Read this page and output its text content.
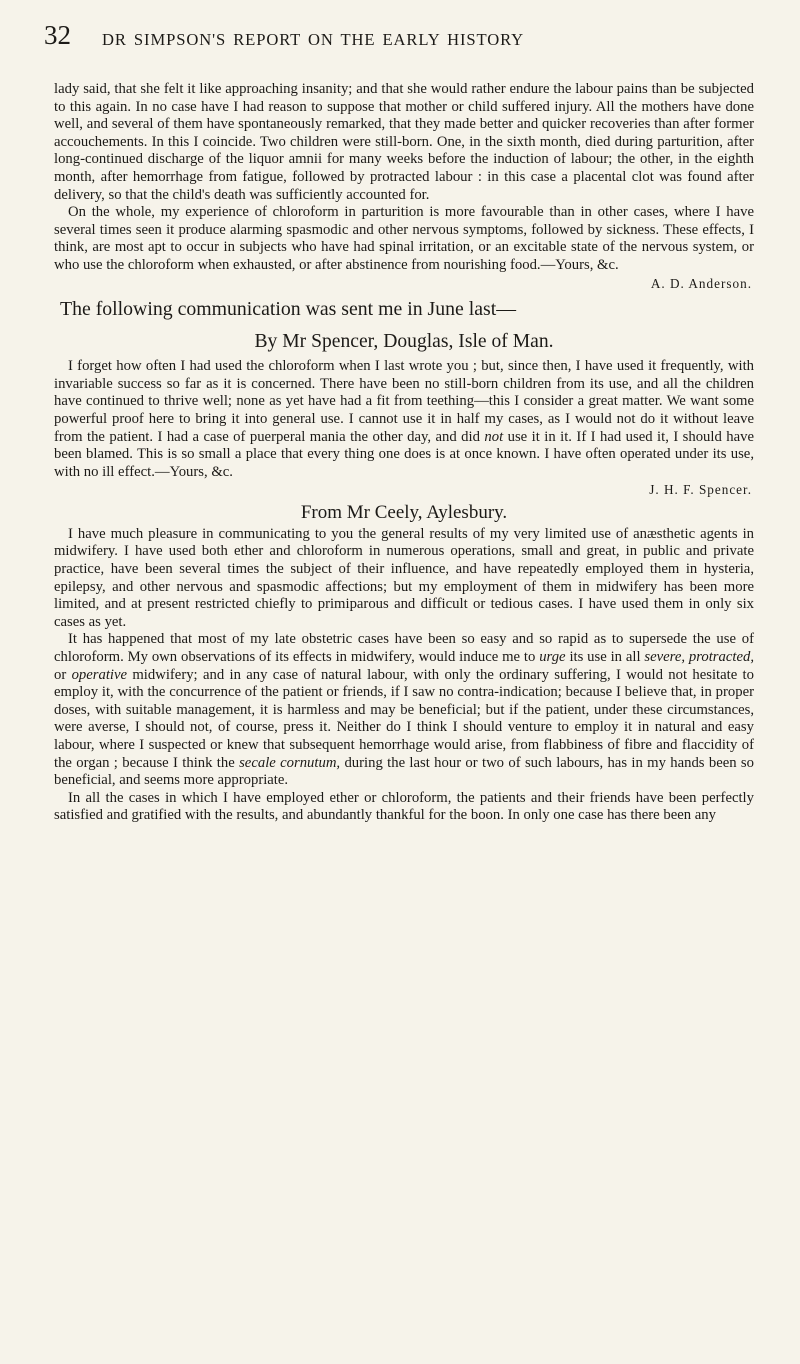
32 DR SIMPSON'S REPORT ON THE EARLY HISTORY

lady said, that she felt it like approaching insanity; and that she would rather endure the labour pains than be subjected to this again. In no case have I had reason to suppose that mother or child suffered injury. All the mothers have done well, and several of them have spontaneously remarked, that they made better and quicker recoveries than after former accouchements. In this I coincide. Two children were still-born. One, in the sixth month, died during parturition, after long-continued discharge of the liquor amnii for many weeks before the induction of labour; the other, in the eighth month, after hemorrhage from fatigue, followed by protracted labour : in this case a placental clot was found after delivery, so that the child's death was sufficiently accounted for.

On the whole, my experience of chloroform in parturition is more favourable than in other cases, where I have several times seen it produce alarming spasmodic and other nervous symptoms, followed by sickness. These effects, I think, are most apt to occur in subjects who have had spinal irritation, or an excitable state of the nervous system, or who use the chloroform when exhausted, or after abstinence from nourishing food.—Yours, &c.

A. D. Anderson.

The following communication was sent me in June last—
By Mr Spencer, Douglas, Isle of Man.

I forget how often I had used the chloroform when I last wrote you ; but, since then, I have used it frequently, with invariable success so far as it is concerned. There have been no still-born children from its use, and all the children have continued to thrive well; none as yet have had a fit from teething—this I consider a great matter. We want some powerful proof here to bring it into general use. I cannot use it in half my cases, as I would not do it without leave from the patient. I had a case of puerperal mania the other day, and did not use it in it. If I had used it, I should have been blamed. This is so small a place that every thing one does is at once known. I have often operated under its use, with no ill effect.—Yours, &c.

J. H. F. Spencer.

From Mr Ceely, Aylesbury.

I have much pleasure in communicating to you the general results of my very limited use of anæsthetic agents in midwifery. I have used both ether and chloroform in numerous operations, small and great, in public and private practice, have been several times the subject of their influence, and have repeatedly employed them in hysteria, epilepsy, and other nervous and spasmodic affections; but my employment of them in midwifery has been more limited, and at present restricted chiefly to primiparous and difficult or tedious cases. I have used them in only six cases as yet.

It has happened that most of my late obstetric cases have been so easy and so rapid as to supersede the use of chloroform. My own observations of its effects in midwifery, would induce me to urge its use in all severe, protracted, or operative midwifery; and in any case of natural labour, with only the ordinary suffering, I would not hesitate to employ it, with the concurrence of the patient or friends, if I saw no contra-indication; because I believe that, in proper doses, with suitable management, it is harmless and may be beneficial; but if the patient, under these circumstances, were averse, I should not, of course, press it. Neither do I think I should venture to employ it in natural and easy labour, where I suspected or knew that subsequent hemorrhage would arise, from flabbiness of fibre and flaccidity of the organ ; because I think the secale cornutum, during the last hour or two of such labours, has in my hands been so beneficial, and seems more appropriate.

In all the cases in which I have employed ether or chloroform, the patients and their friends have been perfectly satisfied and gratified with the results, and abundantly thankful for the boon. In only one case has there been any
